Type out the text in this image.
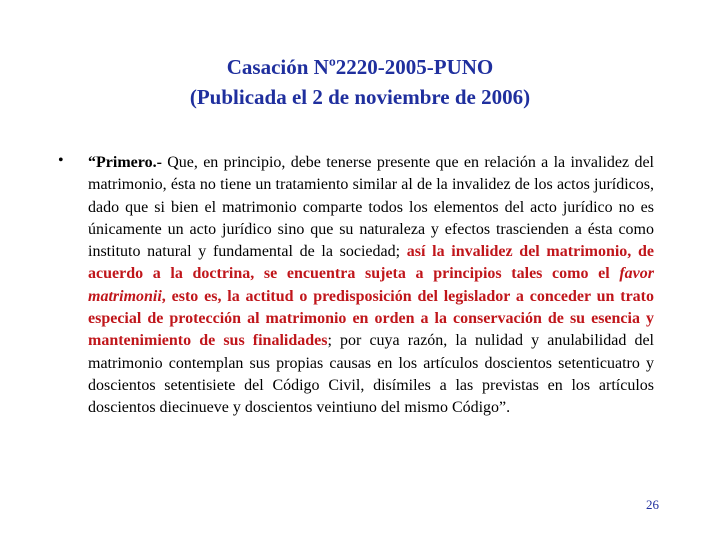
Casación Nº2220-2005-PUNO
(Publicada el 2 de noviembre de 2006)
• “Primero.- Que, en principio, debe tenerse presente que en relación a la invalidez del matrimonio, ésta no tiene un tratamiento similar al de la invalidez de los actos jurídicos, dado que si bien el matrimonio comparte todos los elementos del acto jurídico no es únicamente un acto jurídico sino que su naturaleza y efectos trascienden a ésta como instituto natural y fundamental de la sociedad; así la invalidez del matrimonio, de acuerdo a la doctrina, se encuentra sujeta a principios tales como el favor matrimonii, esto es, la actitud o predisposición del legislador a conceder un trato especial de protección al matrimonio en orden a la conservación de su esencia y mantenimiento de sus finalidades; por cuya razón, la nulidad y anulabilidad del matrimonio contemplan sus propias causas en los artículos doscientos setenticuatro y doscientos setentisiete del Código Civil, disímiles a las previstas en los artículos doscientos diecinueve y doscientos veintiuno del mismo Código”.
26
